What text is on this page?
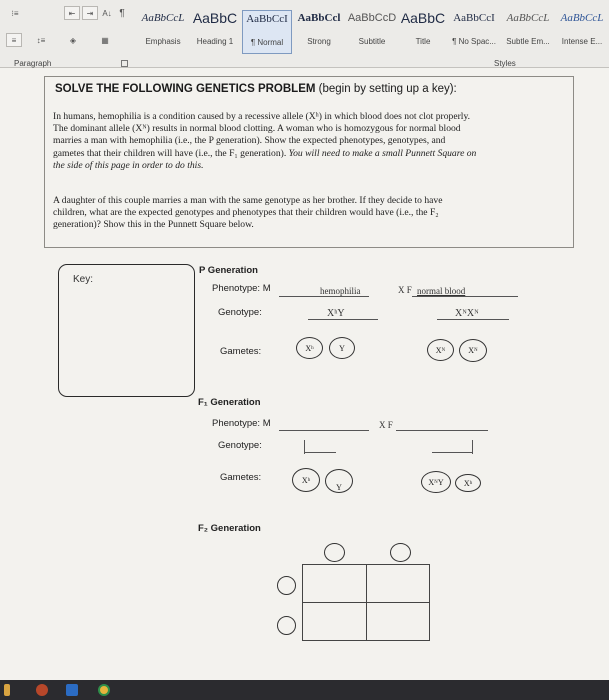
⁝≡	⇤	⇥	A↓ ¶
≡	↕≡	◈	▦
AaBbCcL
Emphasis
AaBbC
Heading 1
AaBbCcI
¶ Normal
AaBbCcl
Strong
AaBbCcD
Subtitle
AaBbC
Title
AaBbCcI
¶ No Spac...
AaBbCcL
Subtle Em...
AaBbCcL
Intense E...
Paragraph	Styles
SOLVE THE FOLLOWING GENETICS PROBLEM (begin by setting up a key):
In humans, hemophilia is a condition caused by a recessive allele (Xʰ) in which blood does not clot properly.
The dominant allele (Xᴺ) results in normal blood clotting. A woman who is homozygous for normal blood
marries a man with hemophilia (i.e., the P generation). Show the expected phenotypes, genotypes, and
gametes that their children will have (i.e., the F₁ generation). You will need to make a small Punnett Square on
the side of this page in order to do this.
A daughter of this couple marries a man with the same genotype as her brother. If they decide to have
children, what are the expected genotypes and phenotypes that their children would have (i.e., the F₂
generation)? Show this in the Punnett Square below.
Key:
P Generation
Phenotype: M	hemophilia	X F normal blood
Genotype:	XʰY	XᴺXᴺ
Gametes:	Xʰ	Y	Xᴺ	Xᴺ
F₁ Generation
Phenotype: M	X F
Genotype:
Gametes:	Xʰ
Y
XᴺY	Xʰ
F₂ Generation
